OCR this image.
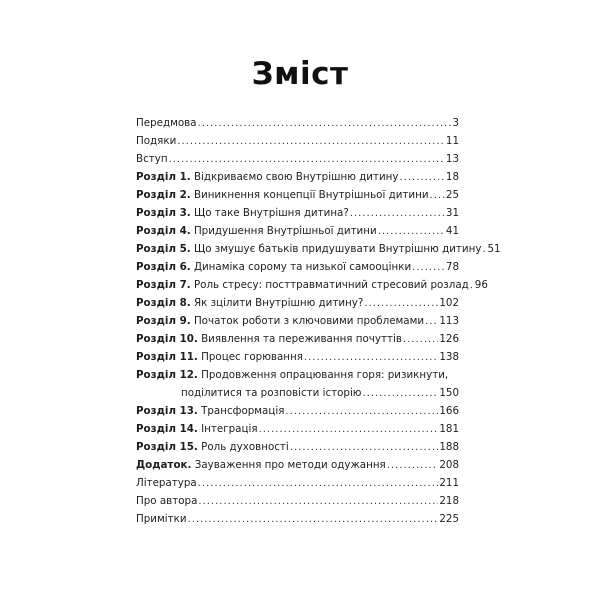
Зміст
Передмова .....	3
Подяки .....	11
Вступ .....	13
Розділ 1. Відкриваємо свою Внутрішню дитину .....	18
Розділ 2. Виникнення концепції Внутрішньої дитини ..... 25
Розділ 3. Що таке Внутрішня дитина? .....	31
Розділ 4. Придушення Внутрішньої дитини .....	41
Розділ 5. Що змушує батьків придушувати Внутрішню дитину ..... 51
Розділ 6. Динаміка сорому та низької самооцінки .....	78
Розділ 7. Роль стресу: посттравматичний стресовий розлад ..... 96
Розділ 8. Як зцілити Внутрішню дитину? .....	102
Розділ 9. Початок роботи з ключовими проблемами ..... 113
Розділ 10. Виявлення та переживання почуттів .....	126
Розділ 11. Процес горювання .....	138
Розділ 12. Продовження опрацювання горя: ризикнути,
поділитися та розповісти історію .....	150
Розділ 13. Трансформація .....	166
Розділ 14. Інтеграція .....	181
Розділ 15. Роль духовності .....	188
Додаток. Зауваження про методи одужання .....	208
Література .....	211
Про автора .....	218
Примітки .....	225
